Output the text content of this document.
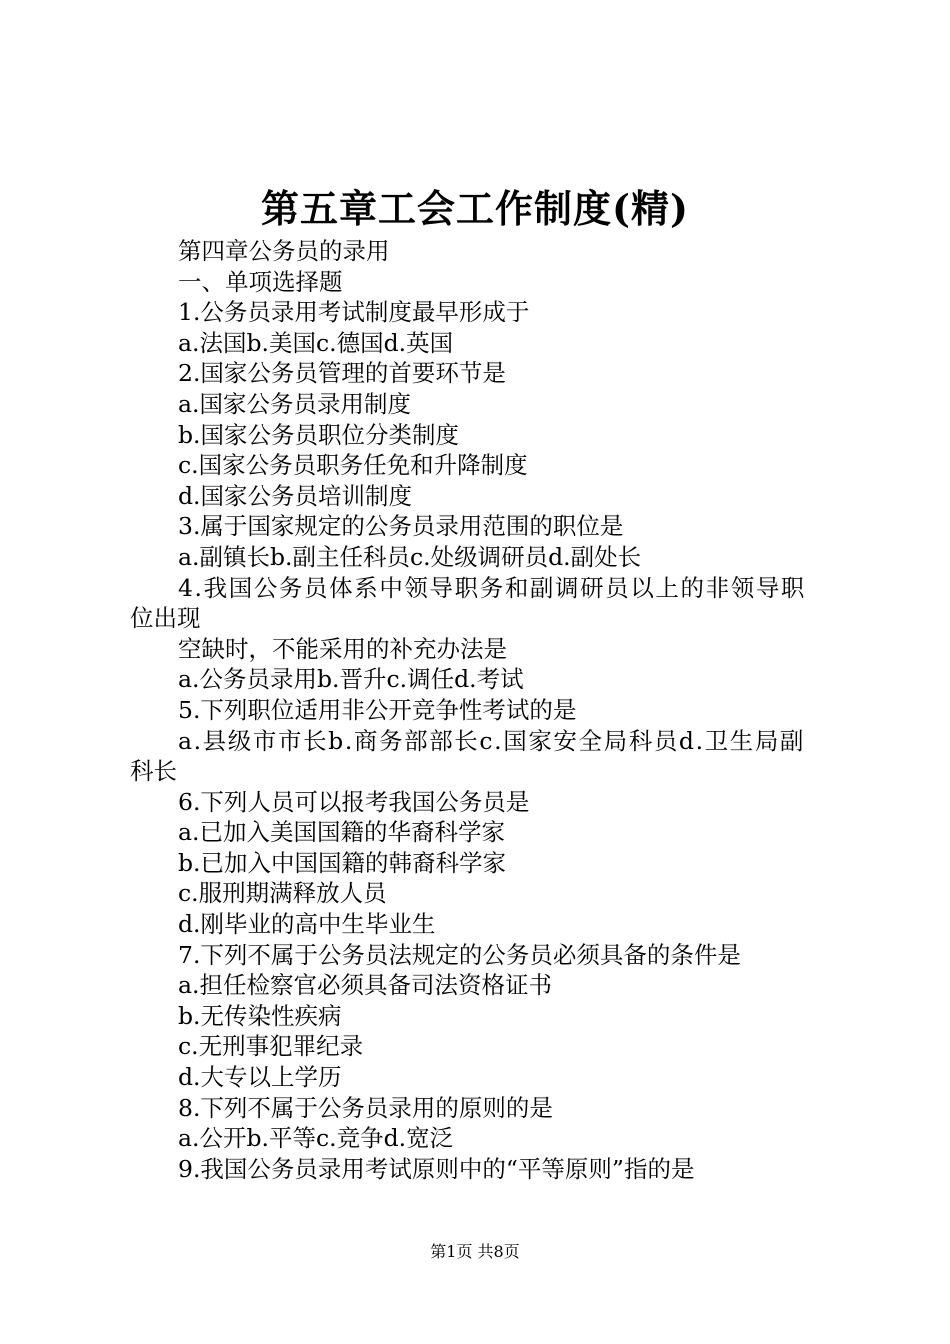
第五章工会工作制度(精)

第四章公务员的录用

一、单项选择题

1.公务员录用考试制度最早形成于

a.法国b.美国c.德国d.英国

2.国家公务员管理的首要环节是

a.国家公务员录用制度

b.国家公务员职位分类制度

c.国家公务员职务任免和升降制度

d.国家公务员培训制度

3.属于国家规定的公务员录用范围的职位是

a.副镇长b.副主任科员c.处级调研员d.副处长

4.我国公务员体系中领导职务和副调研员以上的非领导职

位出现

空缺时，不能采用的补充办法是

a.公务员录用b.晋升c.调任d.考试

5.下列职位适用非公开竞争性考试的是

a.县级市市长b.商务部部长c.国家安全局科员d.卫生局副

科长

6.下列人员可以报考我国公务员是

a.已加入美国国籍的华裔科学家

b.已加入中国国籍的韩裔科学家

c.服刑期满释放人员

d.刚毕业的高中生毕业生

7.下列不属于公务员法规定的公务员必须具备的条件是

a.担任检察官必须具备司法资格证书

b.无传染性疾病

c.无刑事犯罪纪录

d.大专以上学历

8.下列不属于公务员录用的原则的是

a.公开b.平等c.竞争d.宽泛

9.我国公务员录用考试原则中的“平等原则”指的是

第1页 共8页
